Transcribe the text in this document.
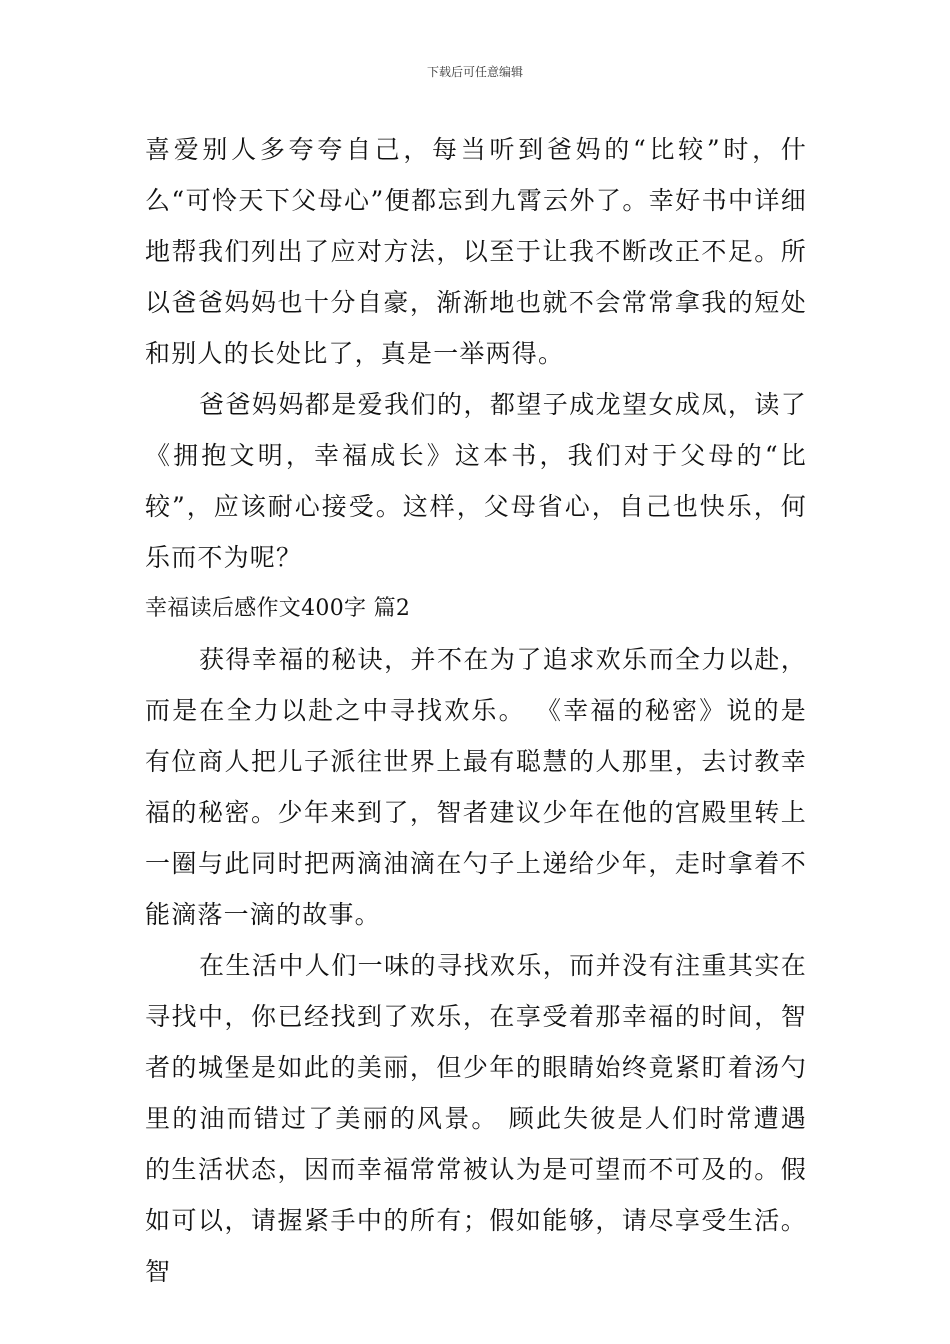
下载后可任意编辑

喜爱别人多夸夸自己，每当听到爸妈的“比较”时，什么“可怜天下父母心”便都忘到九霄云外了。幸好书中详细地帮我们列出了应对方法，以至于让我不断改正不足。所以爸爸妈妈也十分自豪，渐渐地也就不会常常拿我的短处和别人的长处比了，真是一举两得。

爸爸妈妈都是爱我们的，都望子成龙望女成凤，读了《拥抱文明，幸福成长》这本书，我们对于父母的“比较”，应该耐心接受。这样，父母省心，自己也快乐，何乐而不为呢？

幸福读后感作文400字 篇2

获得幸福的秘诀，并不在为了追求欢乐而全力以赴，而是在全力以赴之中寻找欢乐。 《幸福的秘密》说的是有位商人把儿子派往世界上最有聪慧的人那里，去讨教幸福的秘密。少年来到了，智者建议少年在他的宫殿里转上一圈与此同时把两滴油滴在勺子上递给少年，走时拿着不能滴落一滴的故事。

在生活中人们一味的寻找欢乐，而并没有注重其实在寻找中，你已经找到了欢乐，在享受着那幸福的时间，智者的城堡是如此的美丽，但少年的眼睛始终竟紧盯着汤勺里的油而错过了美丽的风景。 顾此失彼是人们时常遭遇的生活状态，因而幸福常常被认为是可望而不可及的。假如可以，请握紧手中的所有；假如能够，请尽享受生活。 智
